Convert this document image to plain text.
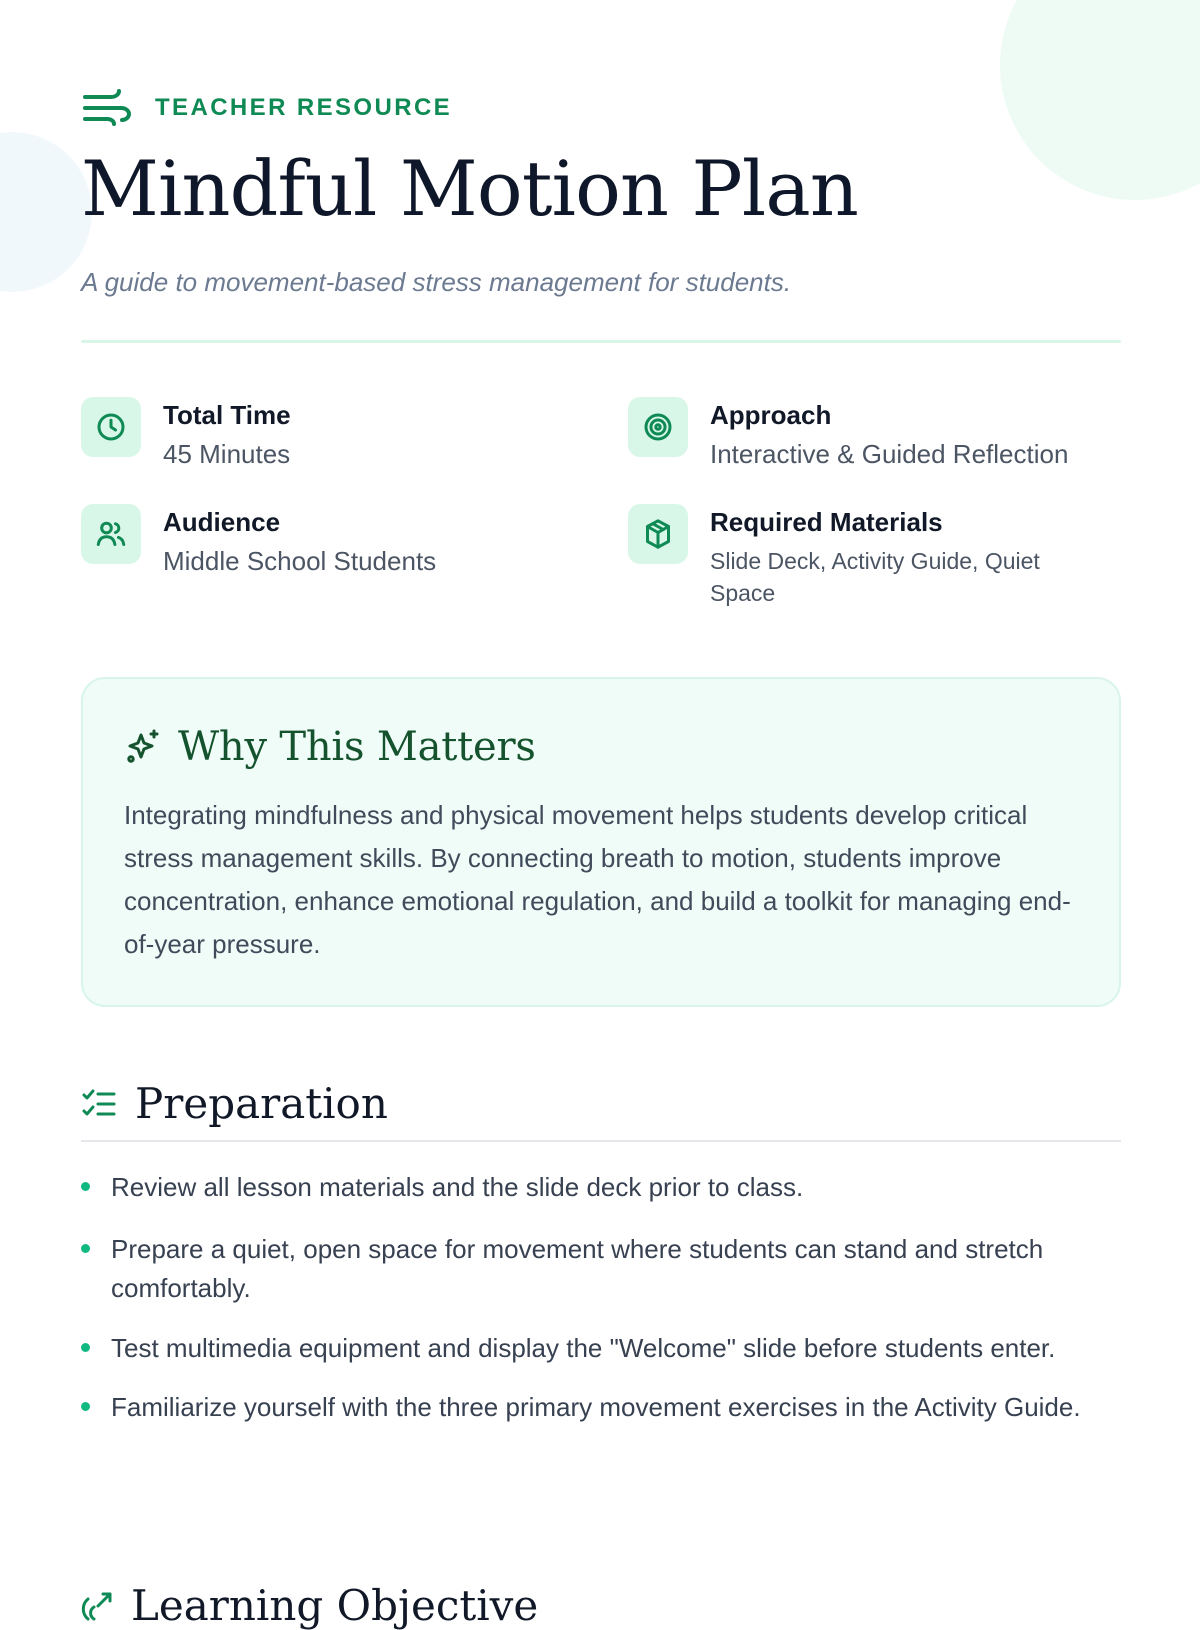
TEACHER RESOURCE
Mindful Motion Plan

A guide to movement-based stress management for students.

Total Time
45 Minutes
Approach
Interactive & Guided Reflection
Audience
Middle School Students
Required Materials
Slide Deck, Activity Guide, Quiet Space
Why This Matters

Integrating mindfulness and physical movement helps students develop critical stress management skills. By connecting breath to motion, students improve concentration, enhance emotional regulation, and build a toolkit for managing end-of-year pressure.

Preparation
Review all lesson materials and the slide deck prior to class.
Prepare a quiet, open space for movement where students can stand and stretch comfortably.
Test multimedia equipment and display the "Welcome" slide before students enter.
Familiarize yourself with the three primary movement exercises in the Activity Guide.
Learning Objective
